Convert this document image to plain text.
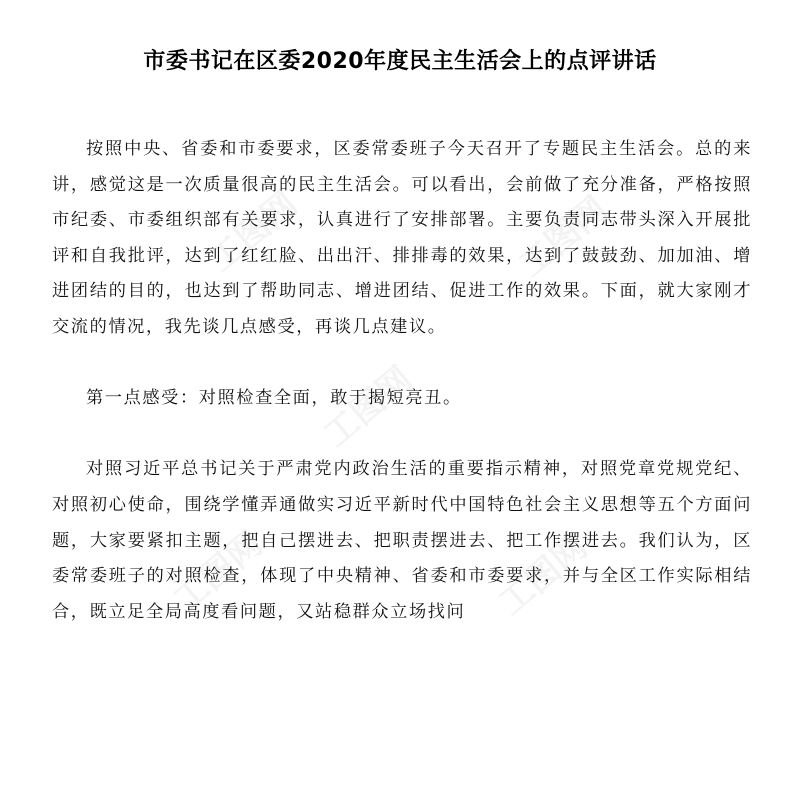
工图网	工图网
工图网
工图网	工图网
市委书记在区委2020年度民主生活会上的点评讲话

按照中央、省委和市委要求，区委常委班子今天召开了专题民主生活会。总的来讲，感觉这是一次质量很高的民主生活会。可以看出，会前做了充分准备，严格按照市纪委、市委组织部有关要求，认真进行了安排部署。主要负责同志带头深入开展批评和自我批评，达到了红红脸、出出汗、排排毒的效果，达到了鼓鼓劲、加加油、增进团结的目的，也达到了帮助同志、增进团结、促进工作的效果。下面，就大家刚才交流的情况，我先谈几点感受，再谈几点建议。

第一点感受：对照检查全面，敢于揭短亮丑。

对照习近平总书记关于严肃党内政治生活的重要指示精神，对照党章党规党纪、对照初心使命，围绕学懂弄通做实习近平新时代中国特色社会主义思想等五个方面问题，大家要紧扣主题，把自己摆进去、把职责摆进去、把工作摆进去。我们认为，区委常委班子的对照检查，体现了中央精神、省委和市委要求，并与全区工作实际相结合，既立足全局高度看问题，又站稳群众立场找问
